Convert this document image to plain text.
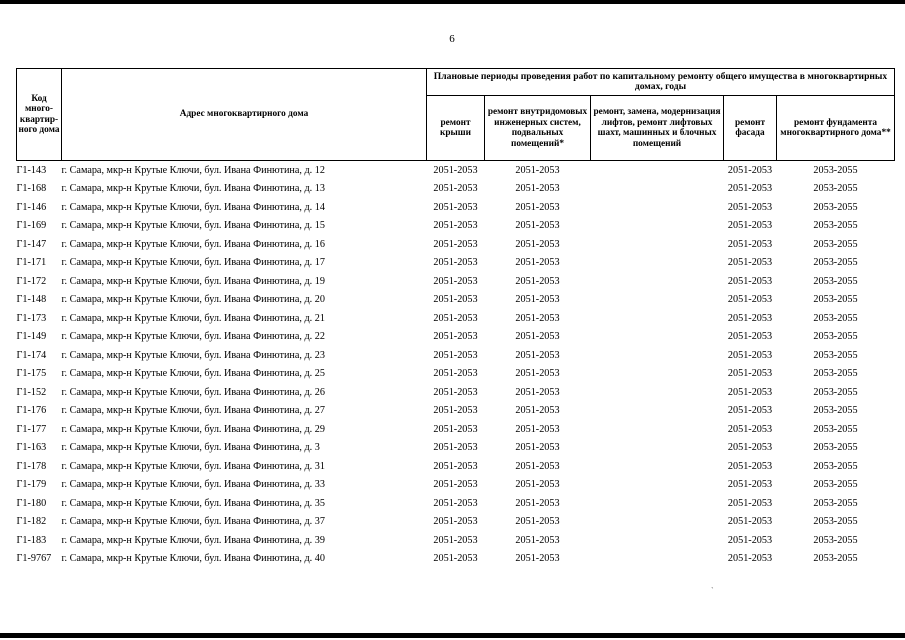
6
Код много-квартир-ного дома	Адрес многоквартирного дома	Плановые периоды проведения работ по капитальному ремонту общего имущества в многоквартирных домах, годы				
		ремонт крыши	ремонт внутридомовых инженерных систем, подвальных помещений*	ремонт, замена, модернизация лифтов, ремонт лифтовых шахт, машинных и блочных помещений	ремонт фасада	ремонт фундамента многоквартирного дома**
Г1-143	г. Самара, мкр-н Крутые Ключи, бул. Ивана Финютина, д. 12	2051-2053	2051-2053		2051-2053	2053-2055
Г1-168	г. Самара, мкр-н Крутые Ключи, бул. Ивана Финютина, д. 13	2051-2053	2051-2053		2051-2053	2053-2055
Г1-146	г. Самара, мкр-н Крутые Ключи, бул. Ивана Финютина, д. 14	2051-2053	2051-2053		2051-2053	2053-2055
Г1-169	г. Самара, мкр-н Крутые Ключи, бул. Ивана Финютина, д. 15	2051-2053	2051-2053		2051-2053	2053-2055
Г1-147	г. Самара, мкр-н Крутые Ключи, бул. Ивана Финютина, д. 16	2051-2053	2051-2053		2051-2053	2053-2055
Г1-171	г. Самара, мкр-н Крутые Ключи, бул. Ивана Финютина, д. 17	2051-2053	2051-2053		2051-2053	2053-2055
Г1-172	г. Самара, мкр-н Крутые Ключи, бул. Ивана Финютина, д. 19	2051-2053	2051-2053		2051-2053	2053-2055
Г1-148	г. Самара, мкр-н Крутые Ключи, бул. Ивана Финютина, д. 20	2051-2053	2051-2053		2051-2053	2053-2055
Г1-173	г. Самара, мкр-н Крутые Ключи, бул. Ивана Финютина, д. 21	2051-2053	2051-2053		2051-2053	2053-2055
Г1-149	г. Самара, мкр-н Крутые Ключи, бул. Ивана Финютина, д. 22	2051-2053	2051-2053		2051-2053	2053-2055
Г1-174	г. Самара, мкр-н Крутые Ключи, бул. Ивана Финютина, д. 23	2051-2053	2051-2053		2051-2053	2053-2055
Г1-175	г. Самара, мкр-н Крутые Ключи, бул. Ивана Финютина, д. 25	2051-2053	2051-2053		2051-2053	2053-2055
Г1-152	г. Самара, мкр-н Крутые Ключи, бул. Ивана Финютина, д. 26	2051-2053	2051-2053		2051-2053	2053-2055
Г1-176	г. Самара, мкр-н Крутые Ключи, бул. Ивана Финютина, д. 27	2051-2053	2051-2053		2051-2053	2053-2055
Г1-177	г. Самара, мкр-н Крутые Ключи, бул. Ивана Финютина, д. 29	2051-2053	2051-2053		2051-2053	2053-2055
Г1-163	г. Самара, мкр-н Крутые Ключи, бул. Ивана Финютина, д. 3	2051-2053	2051-2053		2051-2053	2053-2055
Г1-178	г. Самара, мкр-н Крутые Ключи, бул. Ивана Финютина, д. 31	2051-2053	2051-2053		2051-2053	2053-2055
Г1-179	г. Самара, мкр-н Крутые Ключи, бул. Ивана Финютина, д. 33	2051-2053	2051-2053		2051-2053	2053-2055
Г1-180	г. Самара, мкр-н Крутые Ключи, бул. Ивана Финютина, д. 35	2051-2053	2051-2053		2051-2053	2053-2055
Г1-182	г. Самара, мкр-н Крутые Ключи, бул. Ивана Финютина, д. 37	2051-2053	2051-2053		2051-2053	2053-2055
Г1-183	г. Самара, мкр-н Крутые Ключи, бул. Ивана Финютина, д. 39	2051-2053	2051-2053		2051-2053	2053-2055
Г1-9767	г. Самара, мкр-н Крутые Ключи, бул. Ивана Финютина, д. 40	2051-2053	2051-2053		2051-2053	2053-2055
ˋ
